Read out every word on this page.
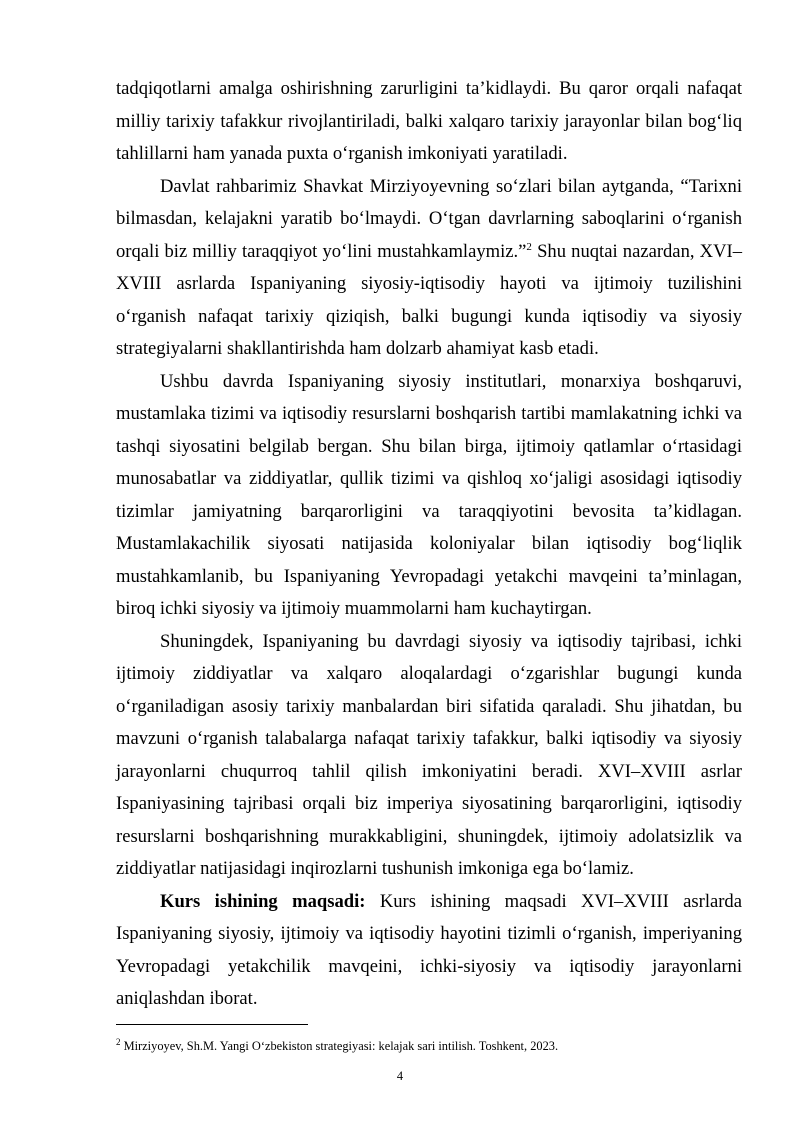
tadqiqotlarni amalga oshirishning zarurligini ta’kidlaydi. Bu qaror orqali nafaqat milliy tarixiy tafakkur rivojlantiriladi, balki xalqaro tarixiy jarayonlar bilan bog‘liq tahlillarni ham yanada puxta o‘rganish imkoniyati yaratiladi.

Davlat rahbarimiz Shavkat Mirziyoyevning so‘zlari bilan aytganda, “Tarixni bilmasdan, kelajakni yaratib bo‘lmaydi. O‘tgan davrlarning saboqlarini o‘rganish orqali biz milliy taraqqiyot yo‘lini mustahkamlaymiz.”$^2$ Shu nuqtai nazardan, XVI–XVIII asrlarda Ispaniyaning siyosiy-iqtisodiy hayoti va ijtimoiy tuzilishini o‘rganish nafaqat tarixiy qiziqish, balki bugungi kunda iqtisodiy va siyosiy strategiyalarni shakllantirishda ham dolzarb ahamiyat kasb etadi.

Ushbu davrda Ispaniyaning siyosiy institutlari, monarxiya boshqaruvi, mustamlaka tizimi va iqtisodiy resurslarni boshqarish tartibi mamlakatning ichki va tashqi siyosatini belgilab bergan. Shu bilan birga, ijtimoiy qatlamlar o‘rtasidagi munosabatlar va ziddiyatlar, qullik tizimi va qishloq xo‘jaligi asosidagi iqtisodiy tizimlar jamiyatning barqarorligini va taraqqiyotini bevosita ta’kidlagan. Mustamlakachilik siyosati natijasida koloniyalar bilan iqtisodiy bog‘liqlik mustahkamlanib, bu Ispaniyaning Yevropadagi yetakchi mavqeini ta’minlagan, biroq ichki siyosiy va ijtimoiy muammolarni ham kuchaytirgan.

Shuningdek, Ispaniyaning bu davrdagi siyosiy va iqtisodiy tajribasi, ichki ijtimoiy ziddiyatlar va xalqaro aloqalardagi o‘zgarishlar bugungi kunda o‘rganiladigan asosiy tarixiy manbalardan biri sifatida qaraladi. Shu jihatdan, bu mavzuni o‘rganish talabalarga nafaqat tarixiy tafakkur, balki iqtisodiy va siyosiy jarayonlarni chuqurroq tahlil qilish imkoniyatini beradi. XVI–XVIII asrlar Ispaniyasining tajribasi orqali biz imperiya siyosatining barqarorligini, iqtisodiy resurslarni boshqarishning murakkabligini, shuningdek, ijtimoiy adolatsizlik va ziddiyatlar natijasidagi inqirozlarni tushunish imkoniga ega bo‘lamiz.

Kurs ishining maqsadi: Kurs ishining maqsadi XVI–XVIII asrlarda Ispaniyaning siyosiy, ijtimoiy va iqtisodiy hayotini tizimli o‘rganish, imperiyaning Yevropadagi yetakchilik mavqeini, ichki-siyosiy va iqtisodiy jarayonlarni aniqlashdan iborat.

$^2$ Mirziyoyev, Sh.M. Yangi O‘zbekiston strategiyasi: kelajak sari intilish. Toshkent, 2023.
4
